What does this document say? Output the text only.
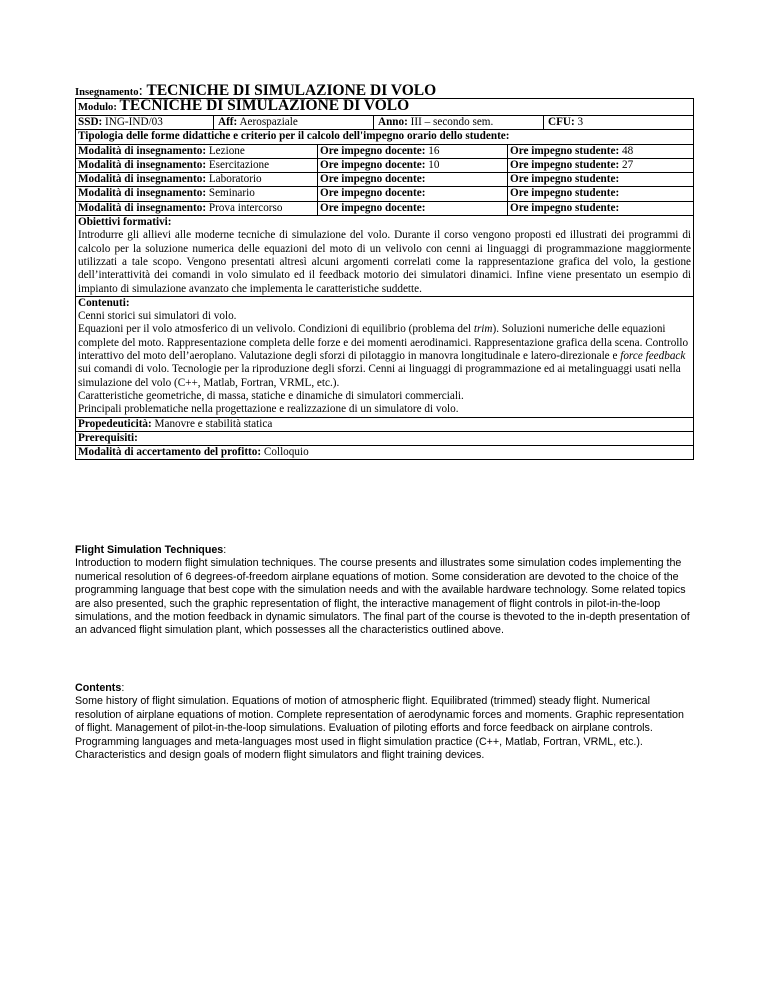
Insegnamento: TECNICHE DI SIMULAZIONE DI VOLO
Modulo: TECNICHE DI SIMULAZIONE DI VOLO		

SSD: ING-IND/03 Aff: Aerospaziale Anno: III – secondo sem. CFU: 3		

Tipologia delle forme didattiche e criterio per il calcolo dell'impegno orario dello studente:		
Modalità di insegnamento: Lezione	Ore impegno docente: 16	Ore impegno studente: 48
Modalità di insegnamento: Esercitazione	Ore impegno docente: 10	Ore impegno studente: 27
Modalità di insegnamento: Laboratorio	Ore impegno docente:	Ore impegno studente:
Modalità di insegnamento: Seminario	Ore impegno docente:	Ore impegno studente:
Modalità di insegnamento: Prova intercorso	Ore impegno docente:	Ore impegno studente:

Obiettivi formativi:
Introdurre gli allievi alle moderne tecniche di simulazione del volo. Durante il corso vengono proposti ed illustrati dei programmi di calcolo per la soluzione numerica delle equazioni del moto di un velivolo con cenni ai linguaggi di programmazione maggiormente utilizzati a tale scopo. Vengono presentati altresì alcuni argomenti correlati come la rappresentazione grafica del volo, la gestione dell’interattività dei comandi in volo simulato ed il feedback motorio dei simulatori dinamici. Infine viene presentato un esempio di impianto di simulazione avanzato che implementa le caratteristiche suddette.		

Contenuti:
Cenni storici sui simulatori di volo.
Equazioni per il volo atmosferico di un velivolo. Condizioni di equilibrio (problema del trim). Soluzioni numeriche delle equazioni complete del moto. Rappresentazione completa delle forze e dei momenti aerodinamici. Rappresentazione grafica della scena. Controllo interattivo del moto dell’aeroplano. Valutazione degli sforzi di pilotaggio in manovra longitudinale e latero-direzionale e force feedback sui comandi di volo. Tecnologie per la riproduzione degli sforzi. Cenni ai linguaggi di programmazione ed ai metalinguaggi usati nella simulazione del volo (C++, Matlab, Fortran, VRML, etc.).
Caratteristiche geometriche, di massa, statiche e dinamiche di simulatori commerciali.
Principali problematiche nella progettazione e realizzazione di un simulatore di volo.		

Propedeuticità: Manovre e stabilità statica		
Prerequisiti:		
Modalità di accertamento del profitto: Colloquio		
Flight Simulation Techniques:
Introduction to modern flight simulation techniques. The course presents and illustrates some simulation codes implementing the numerical resolution of 6 degrees-of-freedom airplane equations of motion. Some consideration are devoted to the choice of the programming language that best cope with the simulation needs and with the available hardware technology. Some related topics are also presented, such the graphic representation of flight, the interactive management of flight controls in pilot-in-the-loop simulations, and the motion feedback in dynamic simulators. The final part of the course is thevoted to the in-depth presentation of an advanced flight simulation plant, which possesses all the characteristics outlined above.
Contents:
Some history of flight simulation. Equations of motion of atmospheric flight. Equilibrated (trimmed) steady flight. Numerical resolution of airplane equations of motion. Complete representation of aerodynamic forces and moments. Graphic representation of flight. Management of pilot-in-the-loop simulations. Evaluation of piloting efforts and force feedback on airplane controls. Programming languages and meta-languages most used in flight simulation practice (C++, Matlab, Fortran, VRML, etc.). Characteristics and design goals of modern flight simulators and flight training devices.
